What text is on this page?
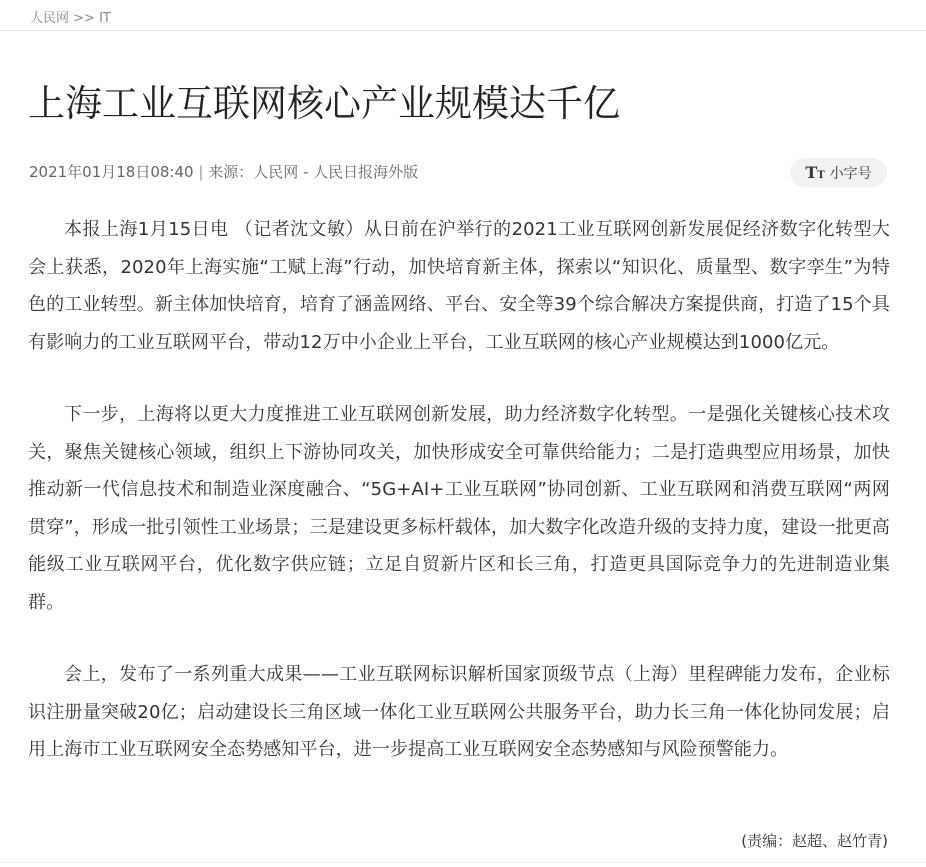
人民网 >> IT
上海工业互联网核心产业规模达千亿
2021年01月18日08:40 | 来源：人民网 - 人民日报海外版	TT 小字号

本报上海1月15日电 （记者沈文敏）从日前在沪举行的2021工业互联网创新发展促经济数字化转型大会上获悉，2020年上海实施“工赋上海”行动，加快培育新主体，探索以“知识化、质量型、数字孪生”为特色的工业转型。新主体加快培育，培育了涵盖网络、平台、安全等39个综合解决方案提供商，打造了15个具有影响力的工业互联网平台，带动12万中小企业上平台，工业互联网的核心产业规模达到1000亿元。

下一步，上海将以更大力度推进工业互联网创新发展，助力经济数字化转型。一是强化关键核心技术攻关，聚焦关键核心领域，组织上下游协同攻关，加快形成安全可靠供给能力；二是打造典型应用场景，加快推动新一代信息技术和制造业深度融合、“5G+AI+工业互联网”协同创新、工业互联网和消费互联网“两网贯穿”，形成一批引领性工业场景；三是建设更多标杆载体，加大数字化改造升级的支持力度，建设一批更高能级工业互联网平台，优化数字供应链；立足自贸新片区和长三角，打造更具国际竞争力的先进制造业集群。

会上，发布了一系列重大成果——工业互联网标识解析国家顶级节点（上海）里程碑能力发布，企业标识注册量突破20亿；启动建设长三角区域一体化工业互联网公共服务平台，助力长三角一体化协同发展；启用上海市工业互联网安全态势感知平台，进一步提高工业互联网安全态势感知与风险预警能力。

(责编：赵超、赵竹青)
